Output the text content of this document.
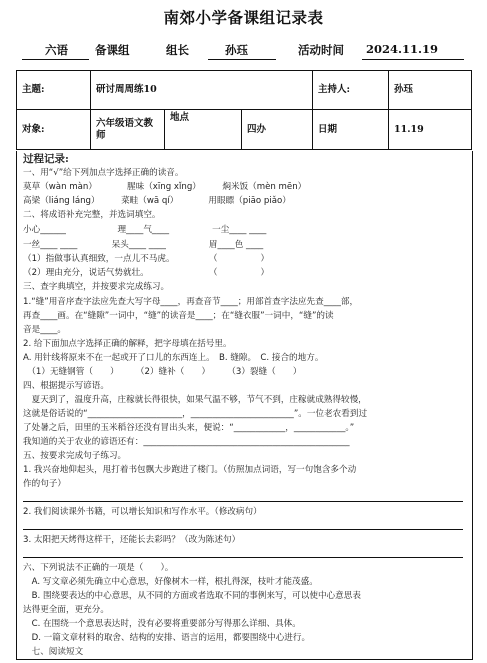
南郊小学备课组记录表
六语 备课组	组长	孙珏	活动时间 2024.11.19
主题:	研讨周周练10			主持人:	孙珏
对象:	六年级语文教师	地点	四办	日期	11.19
过程记录:
一、用“√”给下列加点字选择正确的读音。
莫草（wàn màn）　　　　腥味（xīng xǐng）　　　焖米饭（mèn mēn）
高梁（liáng láng）　　　菜畦（wā qí）　　　　用眼瞟（piāo piǎo）
二、将成语补充完整，并选词填空。
小心______　　　　　　理____气____　　　　　一尘____ ____
一丝____ ____　　　　呆头____ ____　　　　　眉____色 ____
（1）指做事认真细致，一点儿不马虎。　　　　　（　　　　　）
（2）理由充分，说话气势就壮。　　　　　　　　（　　　　　）
三、查字典填空，并按要求完成练习。
1.“缝”用音序查字法应先查大写字母____，再查音节____；用部首查字法应先查____部，
再查____画。在“缝隙”一词中，“缝”的读音是____；在“缝衣服”一词中，“缝”的读
音是____。
2. 给下面加点字选择正确的解释，把字母填在括号里。
A. 用针线将原来不在一起或开了口儿的东西连上。　B. 缝隙。　C. 接合的地方。
　（1）无缝钢管（　　）　　　（2）缝补（　　）　　　（3）裂缝（　　）
四、根据提示写谚语。
　夏天到了，温度升高，庄稼就长得很快，如果气温不够，节气不到，庄稼就成熟得较慢，
这就是俗话说的“______________________，________________________”。一位老农看到过
了处暑之后，田里的玉米稻谷还没有冒出头来，便说：“____________，____________。”
我知道的关于农业的谚语还有：________________________________________________
五、按要求完成句子练习。
1. 我兴奋地仰起头，甩打着书包飘大步跑进了楼门。（仿照加点词语，写一句饱含多个动
作的句子）
2. 我们阅读课外书籍，可以增长知识和写作水平。（修改病句）
3. 太阳把天烤得这样干，还能长去彩吗？（改为陈述句）
六、下列说法不正确的一项是（　　）。
　A. 写文章必须先确立中心意思，好像树木一样，根扎得深，枝叶才能茂盛。
　B. 围绕要表达的中心意思，从不同的方面或者选取不同的事例来写，可以使中心意思表
达得更全面，更充分。
　C. 在围绕一个意思表达时，没有必要将重要部分写得那么详细、具体。
　D. 一篇文章材料的取舍、结构的安排、语言的运用，都要围绕中心进行。
　七、阅读短文
